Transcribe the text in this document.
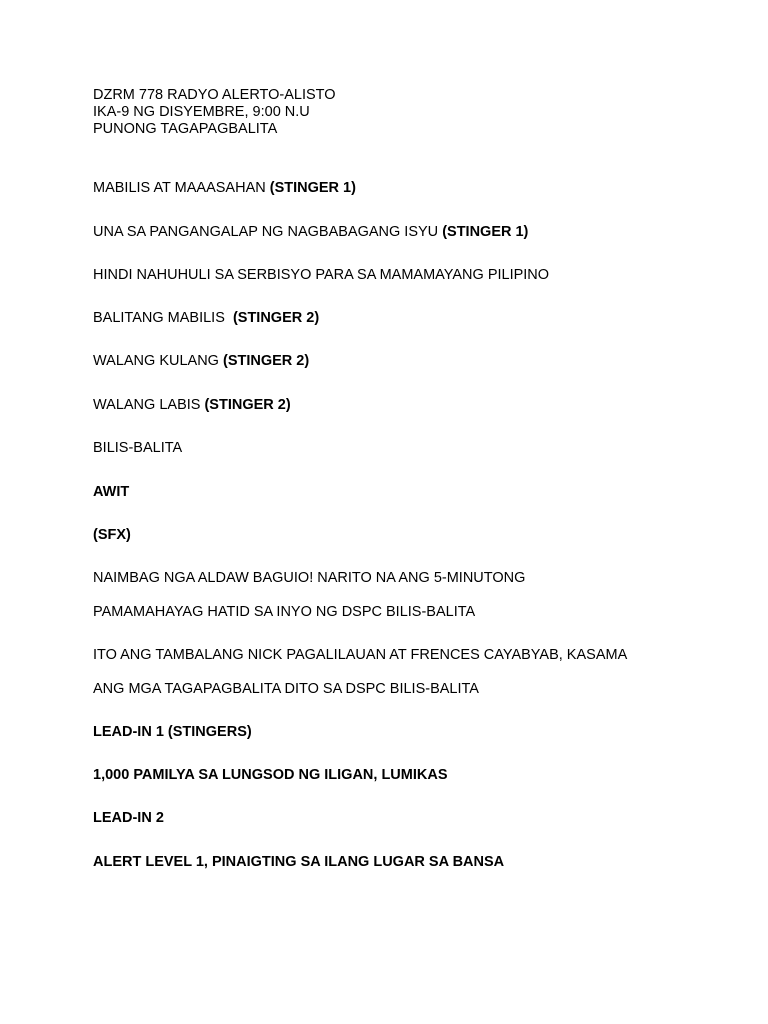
DZRM 778 RADYO ALERTO-ALISTO
IKA-9 NG DISYEMBRE, 9:00 N.U
PUNONG TAGAPAGBALITA
MABILIS AT MAAASAHAN (STINGER 1)
UNA SA PANGANGALAP NG NAGBABAGANG ISYU (STINGER 1)
HINDI NAHUHULI SA SERBISYO PARA SA MAMAMAYANG PILIPINO
BALITANG MABILIS  (STINGER 2)
WALANG KULANG (STINGER 2)
WALANG LABIS (STINGER 2)
BILIS-BALITA
AWIT
(SFX)
NAIMBAG NGA ALDAW BAGUIO! NARITO NA ANG 5-MINUTONG
PAMAMAHAYAG HATID SA INYO NG DSPC BILIS-BALITA
ITO ANG TAMBALANG NICK PAGALILAUAN AT FRENCES CAYABYAB, KASAMA
ANG MGA TAGAPAGBALITA DITO SA DSPC BILIS-BALITA
LEAD-IN 1 (STINGERS)
1,000 PAMILYA SA LUNGSOD NG ILIGAN, LUMIKAS
LEAD-IN 2
ALERT LEVEL 1, PINAIGTING SA ILANG LUGAR SA BANSA
